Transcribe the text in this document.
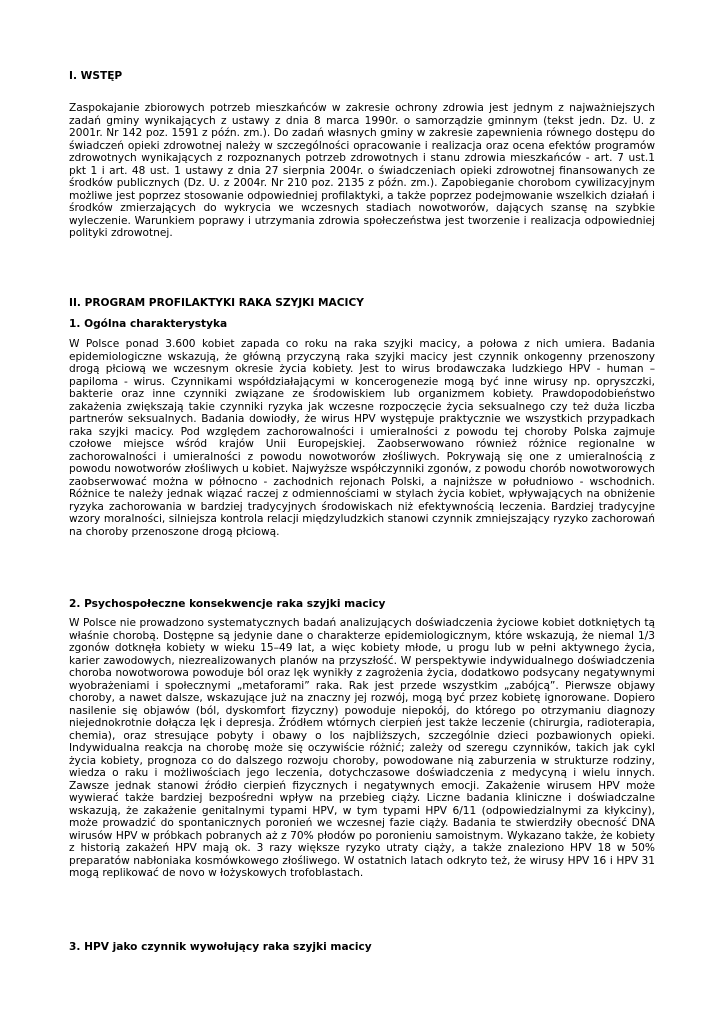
I. WSTĘP

Zaspokajanie zbiorowych potrzeb mieszkańców w zakresie ochrony zdrowia jest jednym z najważniejszych zadań gminy wynikających z ustawy z dnia 8 marca 1990r. o samorządzie gminnym (tekst jedn. Dz. U. z 2001r. Nr 142 poz. 1591 z późn. zm.). Do zadań własnych gminy w zakresie zapewnienia równego dostępu do świadczeń opieki zdrowotnej należy w szczególności opracowanie i realizacja oraz ocena efektów programów zdrowotnych wynikających z rozpoznanych potrzeb zdrowotnych i stanu zdrowia mieszkańców - art. 7 ust.1 pkt 1 i art. 48 ust. 1 ustawy z dnia 27 sierpnia 2004r. o świadczeniach opieki zdrowotnej finansowanych ze środków publicznych (Dz. U. z 2004r. Nr 210 poz. 2135 z późn. zm.). Zapobieganie chorobom cywilizacyjnym możliwe jest poprzez stosowanie odpowiedniej profilaktyki, a także poprzez podejmowanie wszelkich działań i środków zmierzających do wykrycia we wczesnych stadiach nowotworów, dających szansę na szybkie wyleczenie. Warunkiem poprawy i utrzymania zdrowia społeczeństwa jest tworzenie i realizacja odpowiedniej polityki zdrowotnej.

II. PROGRAM PROFILAKTYKI RAKA SZYJKI MACICY
1. Ogólna charakterystyka

W Polsce ponad 3.600 kobiet zapada co roku na raka szyjki macicy, a połowa z nich umiera. Badania epidemiologiczne wskazują, że główną przyczyną raka szyjki macicy jest czynnik onkogenny przenoszony drogą płciową we wczesnym okresie życia kobiety. Jest to wirus brodawczaka ludzkiego HPV - human – papiloma - wirus. Czynnikami współdziałającymi w koncerogenezie mogą być inne wirusy np. opryszczki, bakterie oraz inne czynniki związane ze środowiskiem lub organizmem kobiety. Prawdopodobieństwo zakażenia zwiększają takie czynniki ryzyka jak wczesne rozpoczęcie życia seksualnego czy też duża liczba partnerów seksualnych. Badania dowiodły, że wirus HPV występuje praktycznie we wszystkich przypadkach raka szyjki macicy. Pod względem zachorowalności i umieralności z powodu tej choroby Polska zajmuje czołowe miejsce wśród krajów Unii Europejskiej. Zaobserwowano również różnice regionalne w zachorowalności i umieralności z powodu nowotworów złośliwych. Pokrywają się one z umieralnością z powodu nowotworów złośliwych u kobiet. Najwyższe współczynniki zgonów, z powodu chorób nowotworowych zaobserwować można w północno - zachodnich rejonach Polski, a najniższe w południowo - wschodnich. Różnice te należy jednak wiązać raczej z odmiennościami w stylach życia kobiet, wpływających na obniżenie ryzyka zachorowania w bardziej tradycyjnych środowiskach niż efektywnością leczenia. Bardziej tradycyjne wzory moralności, silniejsza kontrola relacji międzyludzkich stanowi czynnik zmniejszający ryzyko zachorowań na choroby przenoszone drogą płciową.

2. Psychospołeczne konsekwencje raka szyjki macicy

W Polsce nie prowadzono systematycznych badań analizujących doświadczenia życiowe kobiet dotkniętych tą właśnie chorobą. Dostępne są jedynie dane o charakterze epidemiologicznym, które wskazują, że niemal 1/3 zgonów dotknęła kobiety w wieku 15–49 lat, a więc kobiety młode, u progu lub w pełni aktywnego życia, karier zawodowych, niezrealizowanych planów na przyszłość. W perspektywie indywidualnego doświadczenia choroba nowotworowa powoduje ból oraz lęk wynikły z zagrożenia życia, dodatkowo podsycany negatywnymi wyobrażeniami i społecznymi „metaforami” raka. Rak jest przede wszystkim „zabójcą”. Pierwsze objawy choroby, a nawet dalsze, wskazujące już na znaczny jej rozwój, mogą być przez kobietę ignorowane. Dopiero nasilenie się objawów (ból, dyskomfort fizyczny) powoduje niepokój, do którego po otrzymaniu diagnozy niejednokrotnie dołącza lęk i depresja. Źródłem wtórnych cierpień jest także leczenie (chirurgia, radioterapia, chemia), oraz stresujące pobyty i obawy o los najbliższych, szczególnie dzieci pozbawionych opieki. Indywidualna reakcja na chorobę może się oczywiście różnić; zależy od szeregu czynników, takich jak cykl życia kobiety, prognoza co do dalszego rozwoju choroby, powodowane nią zaburzenia w strukturze rodziny, wiedza o raku i możliwościach jego leczenia, dotychczasowe doświadczenia z medycyną i wielu innych. Zawsze jednak stanowi źródło cierpień fizycznych i negatywnych emocji. Zakażenie wirusem HPV może wywierać także bardziej bezpośredni wpływ na przebieg ciąży. Liczne badania kliniczne i doświadczalne wskazują, że zakażenie genitalnymi typami HPV, w tym typami HPV 6/11 (odpowiedzialnymi za kłykciny), może prowadzić do spontanicznych poronień we wczesnej fazie ciąży. Badania te stwierdziły obecność DNA wirusów HPV w próbkach pobranych aż z 70% płodów po poronieniu samoistnym. Wykazano także, że kobiety z historią zakażeń HPV mają ok. 3 razy większe ryzyko utraty ciąży, a także znaleziono HPV 18 w 50% preparatów nabłoniaka kosmówkowego złośliwego. W ostatnich latach odkryto też, że wirusy HPV 16 i HPV 31 mogą replikować de novo w łożyskowych trofoblastach.

3. HPV jako czynnik wywołujący raka szyjki macicy
